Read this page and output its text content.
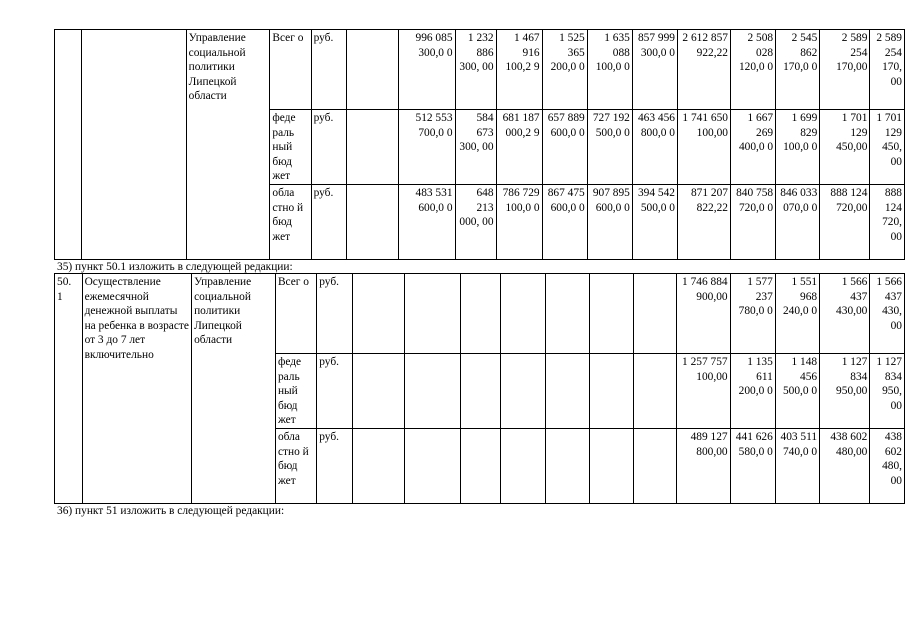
		Управление социальной политики Липецкой области	Всег о	руб.		996 085 300,0 0	1 232 886 300, 00	1 467 916 100,2 9	1 525 365 200,0 0	1 635 088 100,0 0	857 999 300,0 0	2 612 857 922,22	2 508 028 120,0 0	2 545 862 170,0 0	2 589 254 170,00	2 589 254 170, 00
			феде раль ный бюд жет	руб.		512 553 700,0 0	584 673 300, 00	681 187 000,2 9	657 889 600,0 0	727 192 500,0 0	463 456 800,0 0	1 741 650 100,00	1 667 269 400,0 0	1 699 829 100,0 0	1 701 129 450,00	1 701 129 450, 00
			обла стно й бюд жет	руб.		483 531 600,0 0	648 213 000, 00	786 729 100,0 0	867 475 600,0 0	907 895 600,0 0	394 542 500,0 0	871 207 822,22	840 758 720,0 0	846 033 070,0 0	888 124 720,00	888 124 720, 00

35) пункт 50.1 изложить в следующей редакции:

50. 1	Осуществление ежемесячной денежной выплаты на ребенка в возрасте от 3 до 7 лет включительно	Управление социальной политики Липецкой области	Всег о	руб.								1 746 884 900,00	1 577 237 780,0 0	1 551 968 240,0 0	1 566 437 430,00	1 566 437 430, 00
			феде раль ный бюд жет	руб.								1 257 757 100,00	1 135 611 200,0 0	1 148 456 500,0 0	1 127 834 950,00	1 127 834 950, 00
			обла стно й бюд жет	руб.								489 127 800,00	441 626 580,0 0	403 511 740,0 0	438 602 480,00	438 602 480, 00

36) пункт 51 изложить в следующей редакции:
